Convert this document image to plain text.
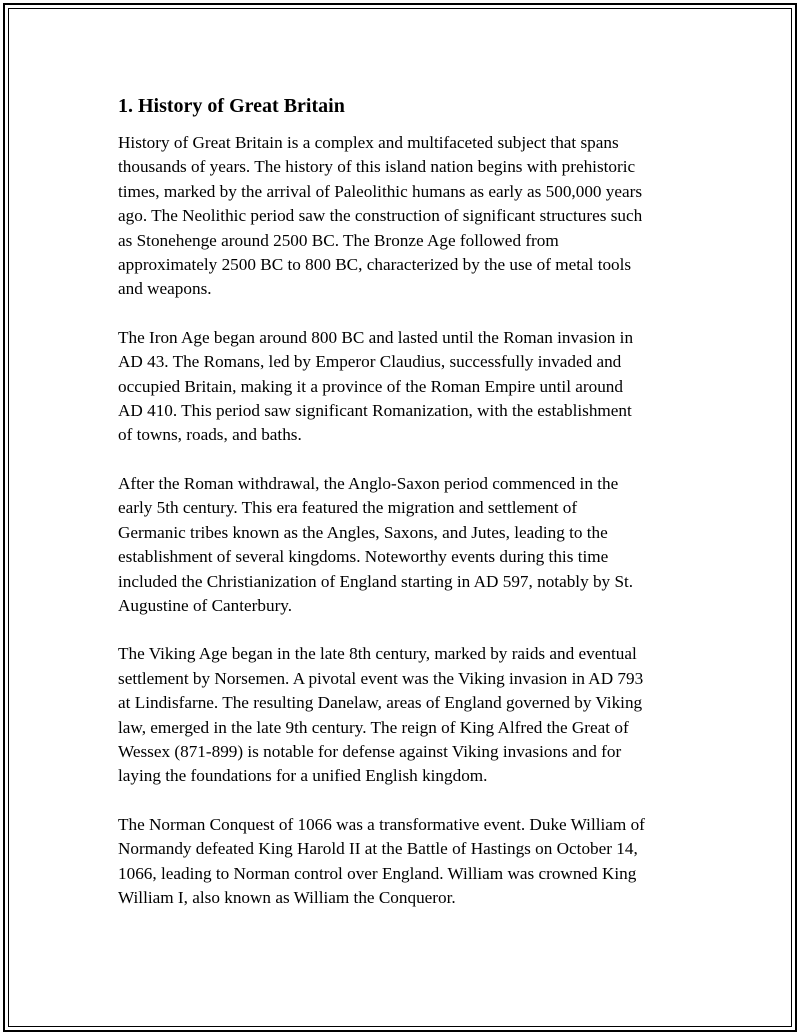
1. History of Great Britain

History of Great Britain is a complex and multifaceted subject that spans
thousands of years. The history of this island nation begins with prehistoric
times, marked by the arrival of Paleolithic humans as early as 500,000 years
ago. The Neolithic period saw the construction of significant structures such
as Stonehenge around 2500 BC. The Bronze Age followed from
approximately 2500 BC to 800 BC, characterized by the use of metal tools
and weapons.

The Iron Age began around 800 BC and lasted until the Roman invasion in
AD 43. The Romans, led by Emperor Claudius, successfully invaded and
occupied Britain, making it a province of the Roman Empire until around
AD 410. This period saw significant Romanization, with the establishment
of towns, roads, and baths.

After the Roman withdrawal, the Anglo-Saxon period commenced in the
early 5th century. This era featured the migration and settlement of
Germanic tribes known as the Angles, Saxons, and Jutes, leading to the
establishment of several kingdoms. Noteworthy events during this time
included the Christianization of England starting in AD 597, notably by St.
Augustine of Canterbury.

The Viking Age began in the late 8th century, marked by raids and eventual
settlement by Norsemen. A pivotal event was the Viking invasion in AD 793
at Lindisfarne. The resulting Danelaw, areas of England governed by Viking
law, emerged in the late 9th century. The reign of King Alfred the Great of
Wessex (871-899) is notable for defense against Viking invasions and for
laying the foundations for a unified English kingdom.

The Norman Conquest of 1066 was a transformative event. Duke William of
Normandy defeated King Harold II at the Battle of Hastings on October 14,
1066, leading to Norman control over England. William was crowned King
William I, also known as William the Conqueror.
